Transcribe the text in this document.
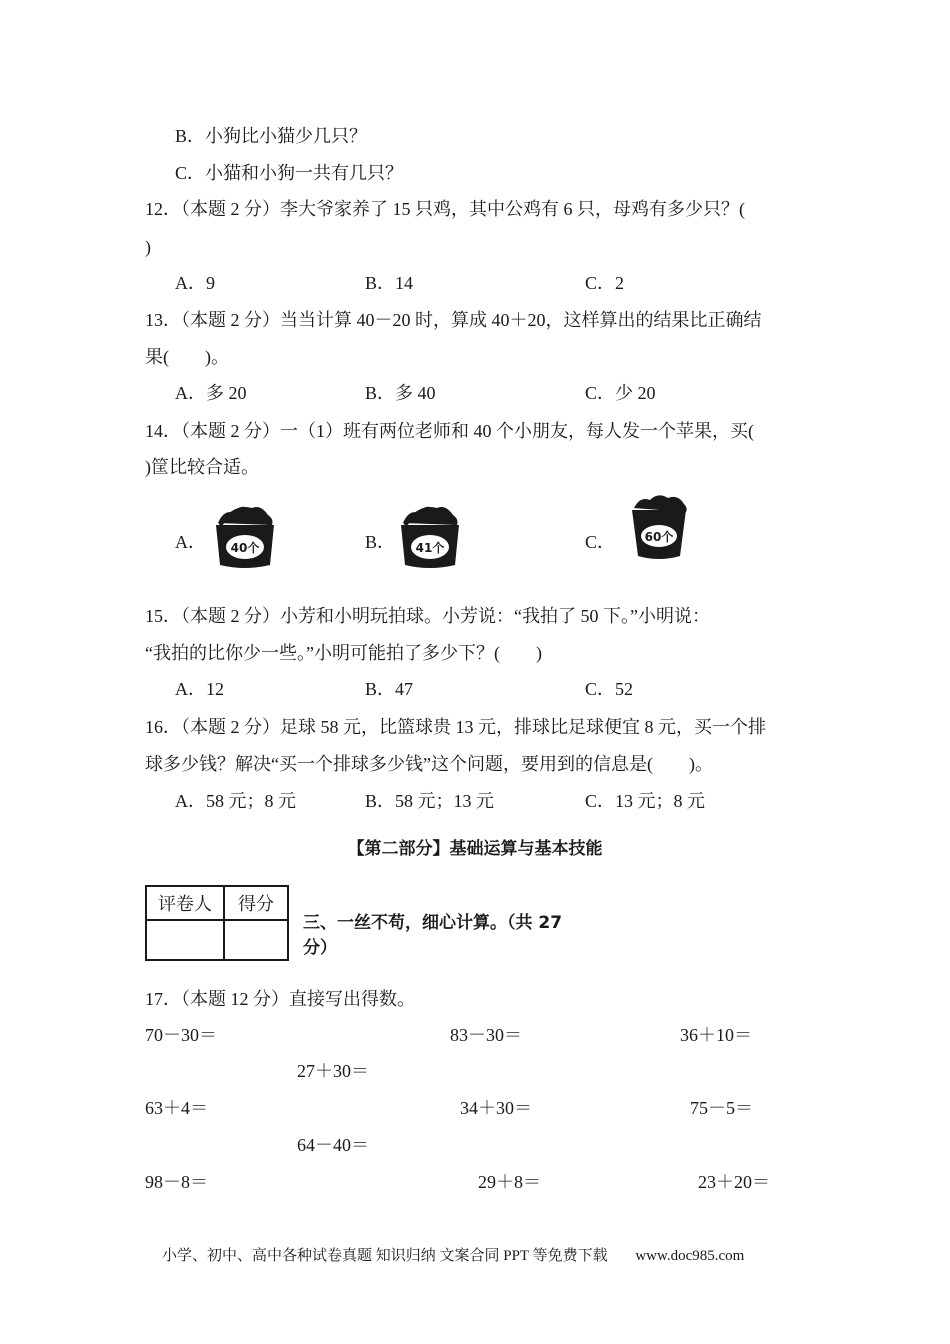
B．小狗比小猫少几只？
C．小猫和小狗一共有几只？
12．（本题 2 分）李大爷家养了 15 只鸡，其中公鸡有 6 只，母鸡有多少只？(
)
A．9	B．14	C．2
13．（本题 2 分）当当计算 40－20 时，算成 40＋20，这样算出的结果比正确结
果(　　)。
A．多 20	B．多 40	C．少 20
14．（本题 2 分）一（1）班有两位老师和 40 个小朋友，每人发一个苹果，买(
)筐比较合适。
A． 40个	B． 41个	C． 60个
15．（本题 2 分）小芳和小明玩拍球。小芳说：“我拍了 50 下。”小明说：
“我拍的比你少一些。”小明可能拍了多少下？(　　)
A．12	B．47	C．52
16．（本题 2 分）足球 58 元，比篮球贵 13 元，排球比足球便宜 8 元，买一个排
球多少钱？解决“买一个排球多少钱”这个问题，要用到的信息是(　　)。
A．58 元；8 元	B．58 元；13 元	C．13 元；8 元
【第二部分】基础运算与基本技能
评卷人	得分

三、一丝不苟，细心计算。（共 27
分）
17．（本题 12 分）直接写出得数。
70－30＝	83－30＝	36＋10＝
27＋30＝
63＋4＝	34＋30＝	75－5＝
64－40＝
98－8＝	29＋8＝	23＋20＝
小学、初中、高中各种试卷真题 知识归纳 文案合同 PPT 等免费下载 www.doc985.com
